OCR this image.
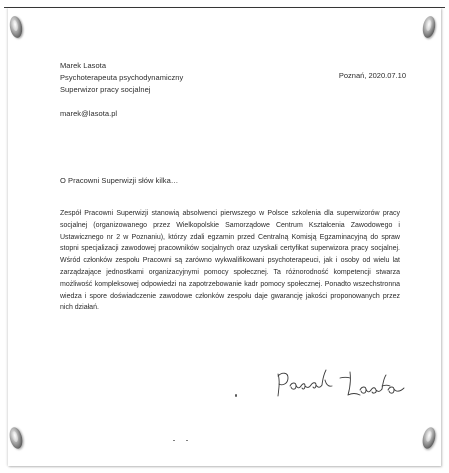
Marek Lasota
Psychoterapeuta psychodynamiczny
Superwizor pracy socjalnej
marek@lasota.pl
Poznań, 2020.07.10
O Pracowni Superwizji słów kilka…

Zespół Pracowni Superwizji stanowią absolwenci pierwszego w Polsce szkolenia dla superwizorów pracy socjalnej (organizowanego przez Wielkopolskie Samorządowe Centrum Kształcenia Zawodowego i Ustawicznego nr 2 w Poznaniu), którzy zdali egzamin przed Centralną Komisją Egzaminacyjną do spraw stopni specjalizacji zawodowej pracowników socjalnych oraz uzyskali certyfikat superwizora pracy socjalnej. Wśród członków zespołu Pracowni są zarówno wykwalifikowani psychoterapeuci, jak i osoby od wielu lat zarządzające jednostkami organizacyjnymi pomocy społecznej. Ta różnorodność kompetencji stwarza możliwość kompleksowej odpowiedzi na zapotrzebowanie kadr pomocy społecznej. Ponadto wszechstronna wiedza i spore doświadczenie zawodowe członków zespołu daje gwarancję jakości proponowanych przez nich działań.
